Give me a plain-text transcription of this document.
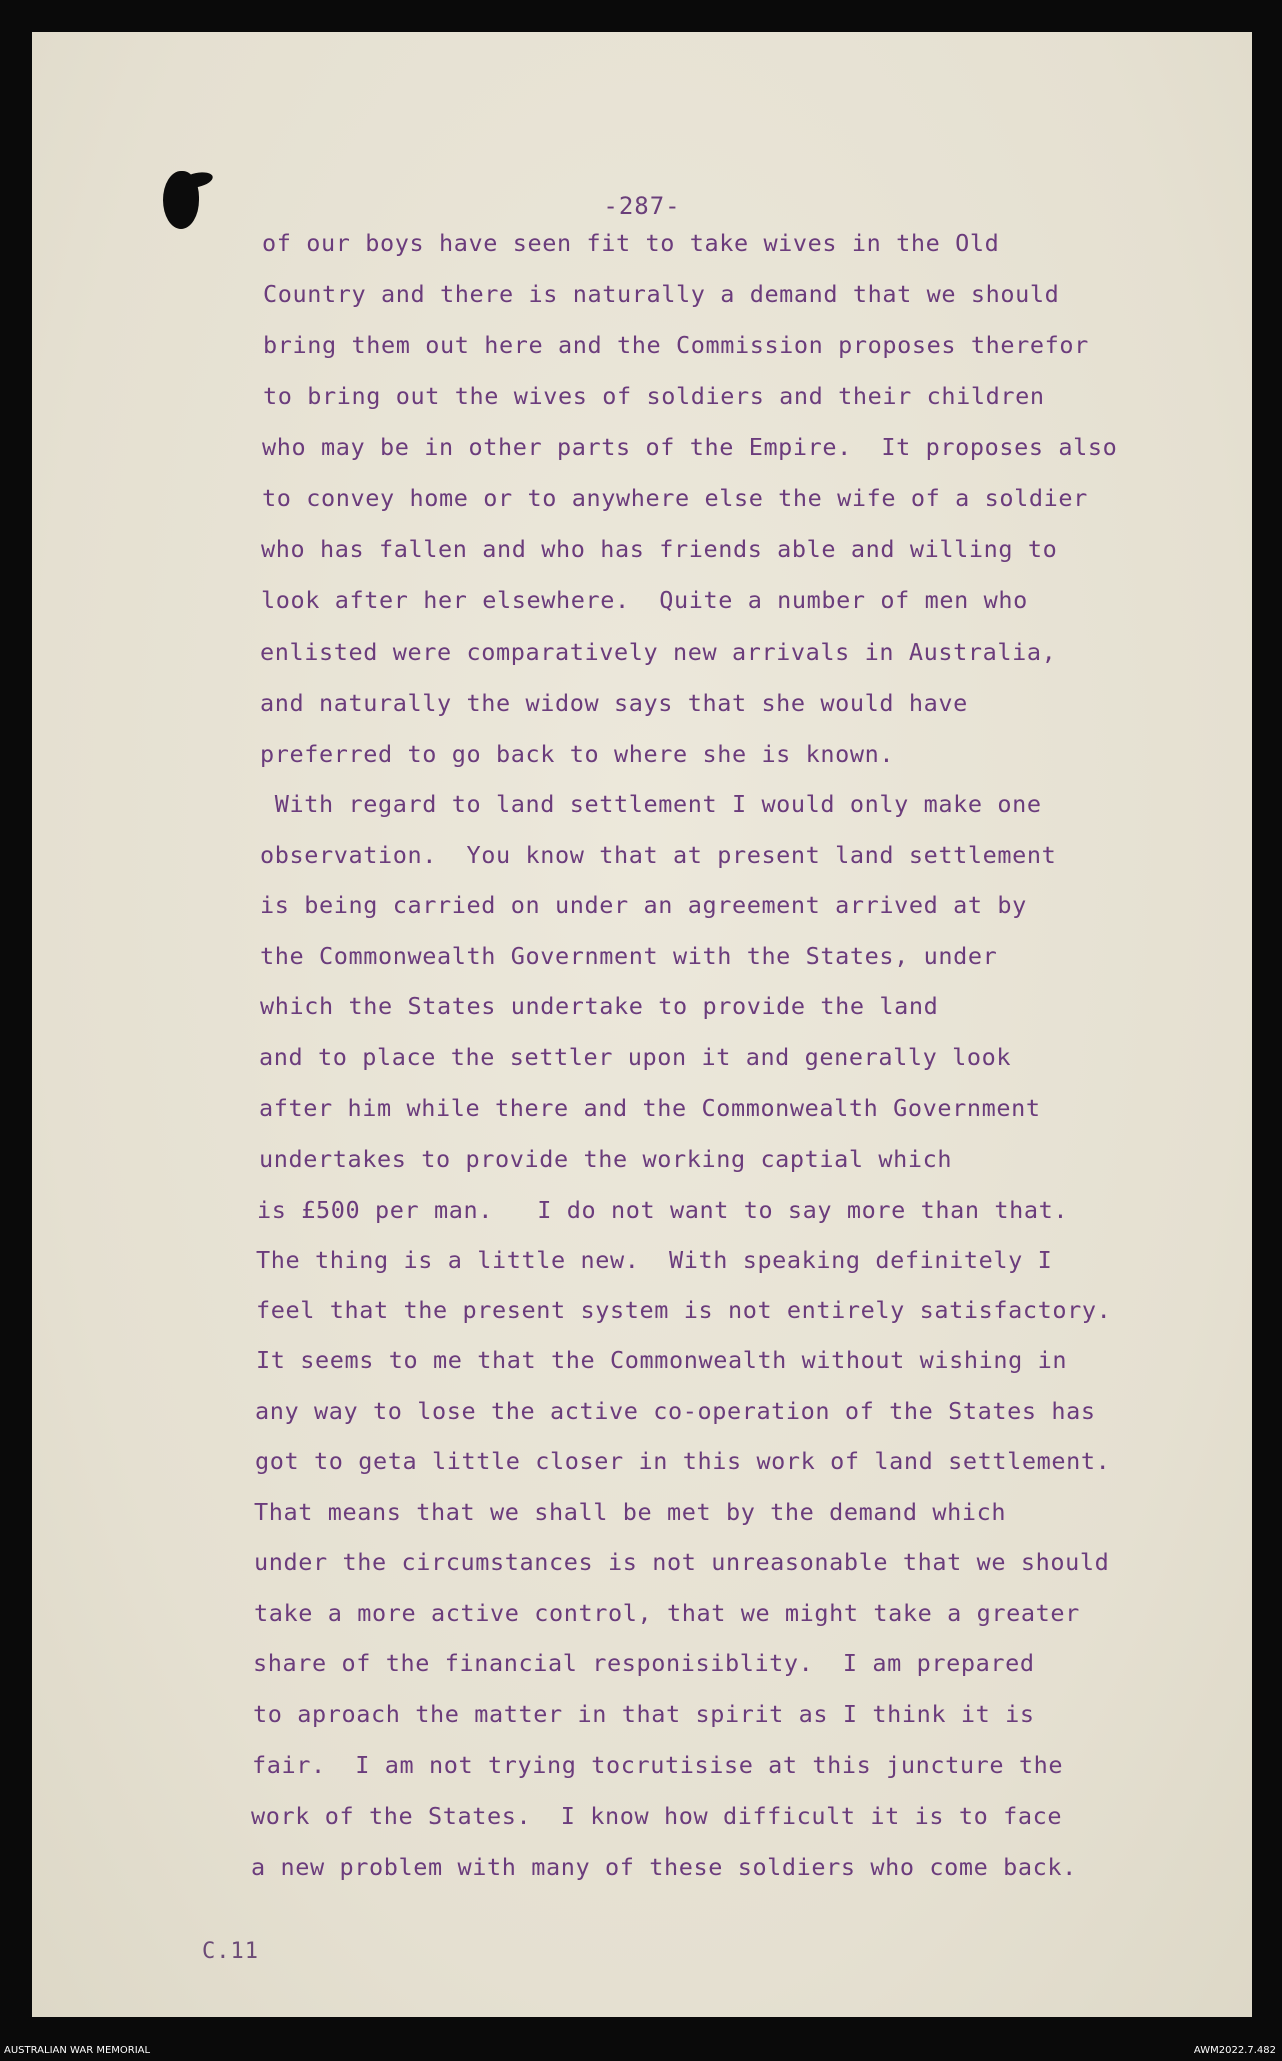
-287-
of our boys have seen fit to take wives in the Old
Country and there is naturally a demand that we should
bring them out here and the Commission proposes therefor
to bring out the wives of soldiers and their children
who may be in other parts of the Empire.  It proposes also
to convey home or to anywhere else the wife of a soldier
who has fallen and who has friends able and willing to
look after her elsewhere.  Quite a number of men who
enlisted were comparatively new arrivals in Australia,
and naturally the widow says that she would have
preferred to go back to where she is known.
With regard to land settlement I would only make one
observation.  You know that at present land settlement
is being carried on under an agreement arrived at by
the Commonwealth Government with the States, under
which the States undertake to provide the land
and to place the settler upon it and generally look
after him while there and the Commonwealth Government
undertakes to provide the working captial which
is £500 per man.   I do not want to say more than that.
The thing is a little new.  With speaking definitely I
feel that the present system is not entirely satisfactory.
It seems to me that the Commonwealth without wishing in
any way to lose the active co-operation of the States has
got to geta little closer in this work of land settlement.
That means that we shall be met by the demand which
under the circumstances is not unreasonable that we should
take a more active control, that we might take a greater
share of the financial responisiblity.  I am prepared
to aproach the matter in that spirit as I think it is
fair.  I am not trying tocrutisise at this juncture the
work of the States.  I know how difficult it is to face
a new problem with many of these soldiers who come back.
C.11
AUSTRALIAN WAR MEMORIAL	AWM2022.7.482
